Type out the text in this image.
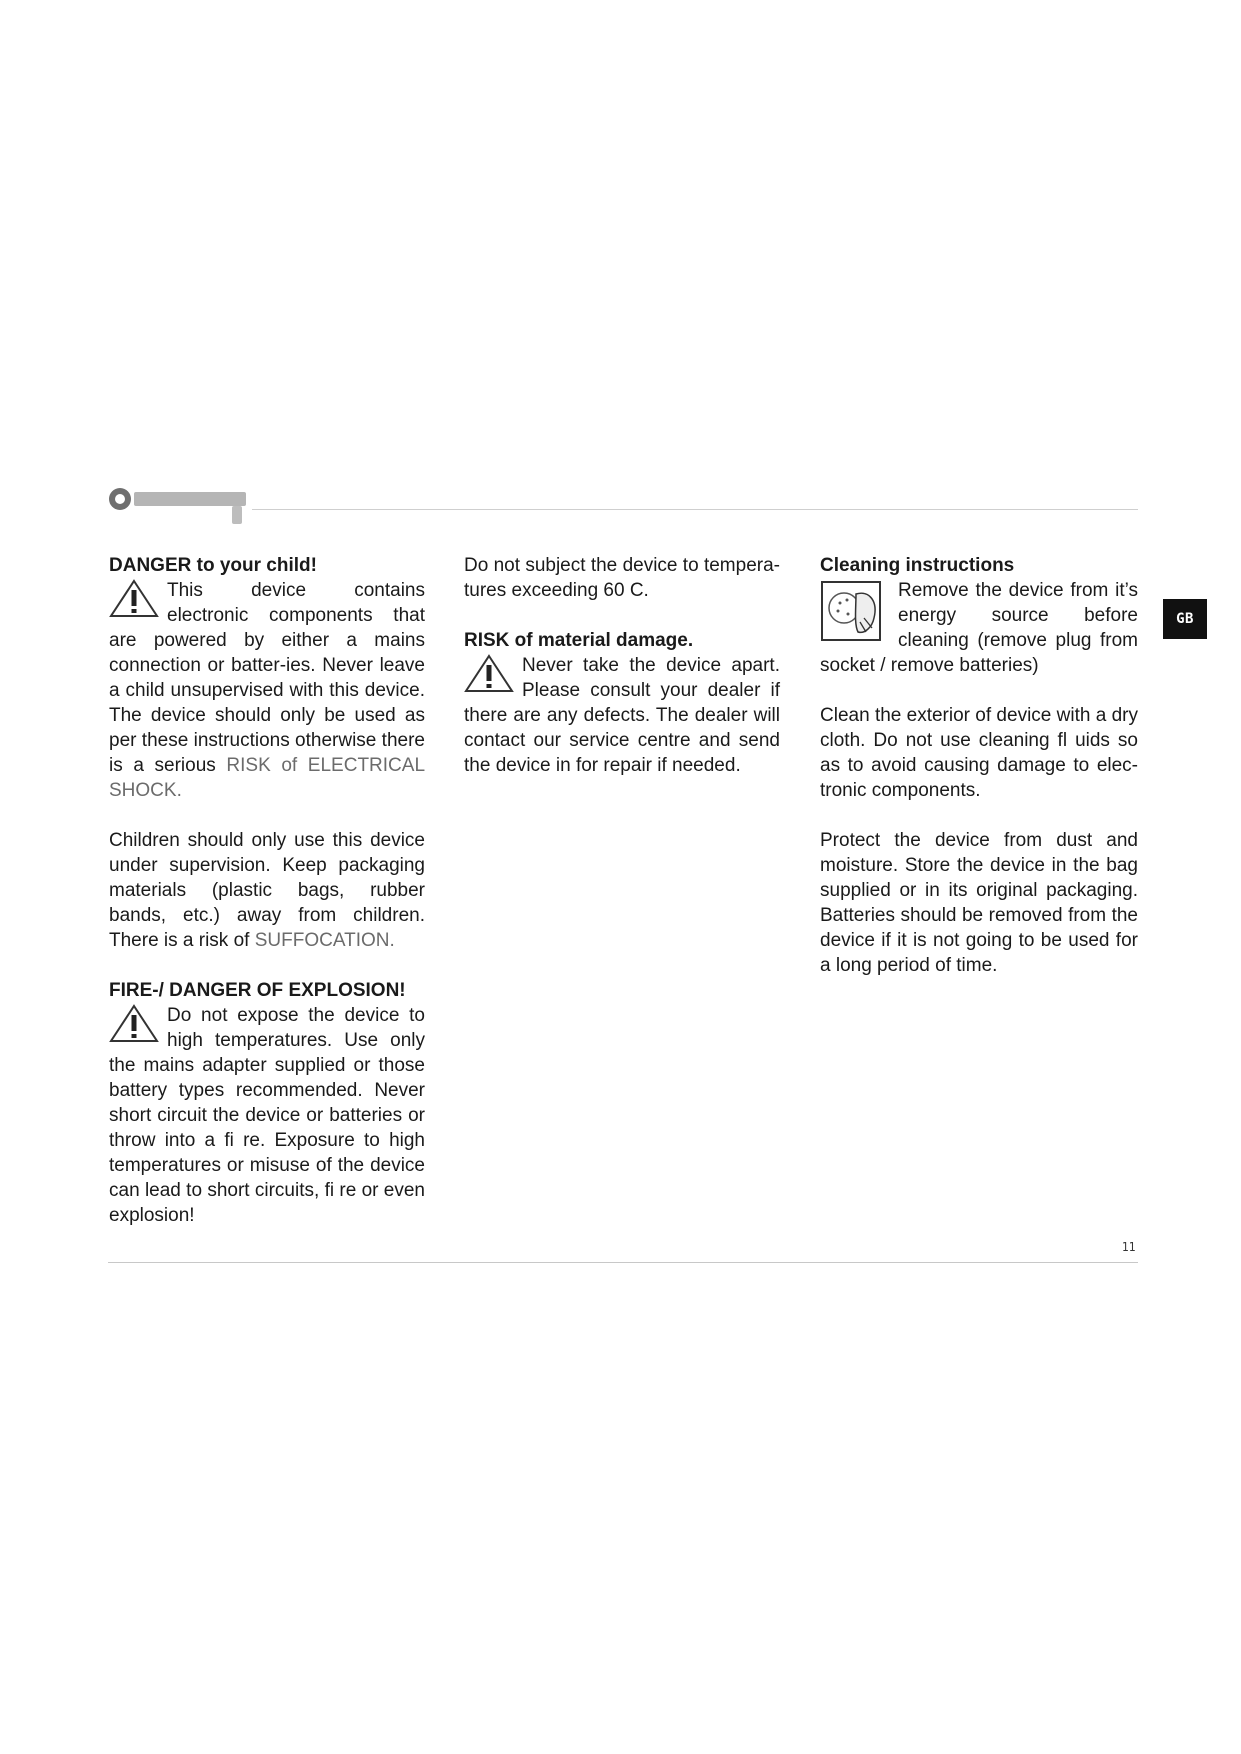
GB
DANGER to your child!

This device contains electronic components that are powered by either a mains connection or batter-ies. Never leave a child unsupervised with this device. The device should only be used as per these instructions otherwise there is a serious RISK of ELECTRICAL SHOCK.

Children should only use this device under supervision. Keep packaging materials (plastic bags, rubber bands, etc.) away from children. There is a risk of SUFFOCATION.

FIRE-/ DANGER OF EXPLOSION!

Do not expose the device to high temperatures. Use only the mains adapter supplied or those battery types recommended. Never short circuit the device or batteries or throw into a fi re. Exposure to high temperatures or misuse of the device can lead to short circuits, fi re or even explosion!

Do not subject the device to tempera-tures exceeding 60 C.

RISK of material damage.

Never take the device apart. Please consult your dealer if there are any defects. The dealer will contact our service centre and send the device in for repair if needed.

Cleaning instructions

Remove the device from it’s energy source before cleaning (remove plug from socket / remove batteries)

Clean the exterior of device with a dry cloth. Do not use cleaning fl uids so as to avoid causing damage to elec-tronic components.

Protect the device from dust and moisture. Store the device in the bag supplied or in its original packaging. Batteries should be removed from the device if it is not going to be used for a long period of time.

11
